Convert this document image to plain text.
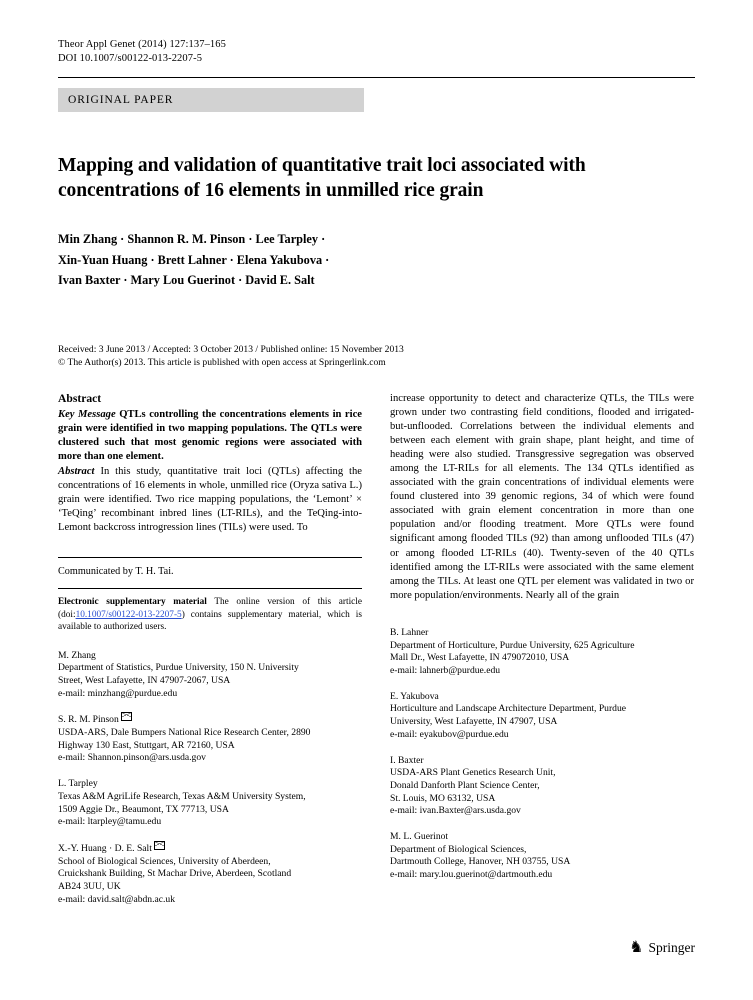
Theor Appl Genet (2014) 127:137–165
DOI 10.1007/s00122-013-2207-5
ORIGINAL PAPER
Mapping and validation of quantitative trait loci associated with concentrations of 16 elements in unmilled rice grain
Min Zhang · Shannon R. M. Pinson · Lee Tarpley ·
Xin-Yuan Huang · Brett Lahner · Elena Yakubova ·
Ivan Baxter · Mary Lou Guerinot · David E. Salt
Received: 3 June 2013 / Accepted: 3 October 2013 / Published online: 15 November 2013
© The Author(s) 2013. This article is published with open access at Springerlink.com
Abstract

Key Message QTLs controlling the concentrations elements in rice grain were identified in two mapping populations. The QTLs were clustered such that most genomic regions were associated with more than one element.

Abstract In this study, quantitative trait loci (QTLs) affecting the concentrations of 16 elements in whole, unmilled rice (Oryza sativa L.) grain were identified. Two rice mapping populations, the ‘Lemont’ × ‘TeQing’ recombinant inbred lines (LT-RILs), and the TeQing-into-Lemont backcross introgression lines (TILs) were used. To

Communicated by T. H. Tai.
Electronic supplementary material The online version of this article (doi:10.1007/s00122-013-2207-5) contains supplementary material, which is available to authorized users.
M. Zhang
Department of Statistics, Purdue University, 150 N. University
Street, West Lafayette, IN 47907-2067, USA
e-mail: minzhang@purdue.edu
S. R. M. Pinson
USDA-ARS, Dale Bumpers National Rice Research Center, 2890
Highway 130 East, Stuttgart, AR 72160, USA
e-mail: Shannon.pinson@ars.usda.gov
L. Tarpley
Texas A&M AgriLife Research, Texas A&M University System,
1509 Aggie Dr., Beaumont, TX 77713, USA
e-mail: ltarpley@tamu.edu
X.-Y. Huang · D. E. Salt
School of Biological Sciences, University of Aberdeen,
Cruickshank Building, St Machar Drive, Aberdeen, Scotland
AB24 3UU, UK
e-mail: david.salt@abdn.ac.uk

increase opportunity to detect and characterize QTLs, the TILs were grown under two contrasting field conditions, flooded and irrigated-but-unflooded. Correlations between the individual elements and between each element with grain shape, plant height, and time of heading were also studied. Transgressive segregation was observed among the LT-RILs for all elements. The 134 QTLs identified as associated with the grain concentrations of individual elements were found clustered into 39 genomic regions, 34 of which were found associated with grain element concentration in more than one population and/or flooding treatment. More QTLs were found significant among flooded TILs (92) than among unflooded TILs (47) or among flooded LT-RILs (40). Twenty-seven of the 40 QTLs identified among the LT-RILs were associated with the same element among the TILs. At least one QTL per element was validated in two or more population/environments. Nearly all of the grain

B. Lahner
Department of Horticulture, Purdue University, 625 Agriculture
Mall Dr., West Lafayette, IN 479072010, USA
e-mail: lahnerb@purdue.edu
E. Yakubova
Horticulture and Landscape Architecture Department, Purdue
University, West Lafayette, IN 47907, USA
e-mail: eyakubov@purdue.edu
I. Baxter
USDA-ARS Plant Genetics Research Unit,
Donald Danforth Plant Science Center,
St. Louis, MO 63132, USA
e-mail: ivan.Baxter@ars.usda.gov
M. L. Guerinot
Department of Biological Sciences,
Dartmouth College, Hanover, NH 03755, USA
e-mail: mary.lou.guerinot@dartmouth.edu
♞ Springer
